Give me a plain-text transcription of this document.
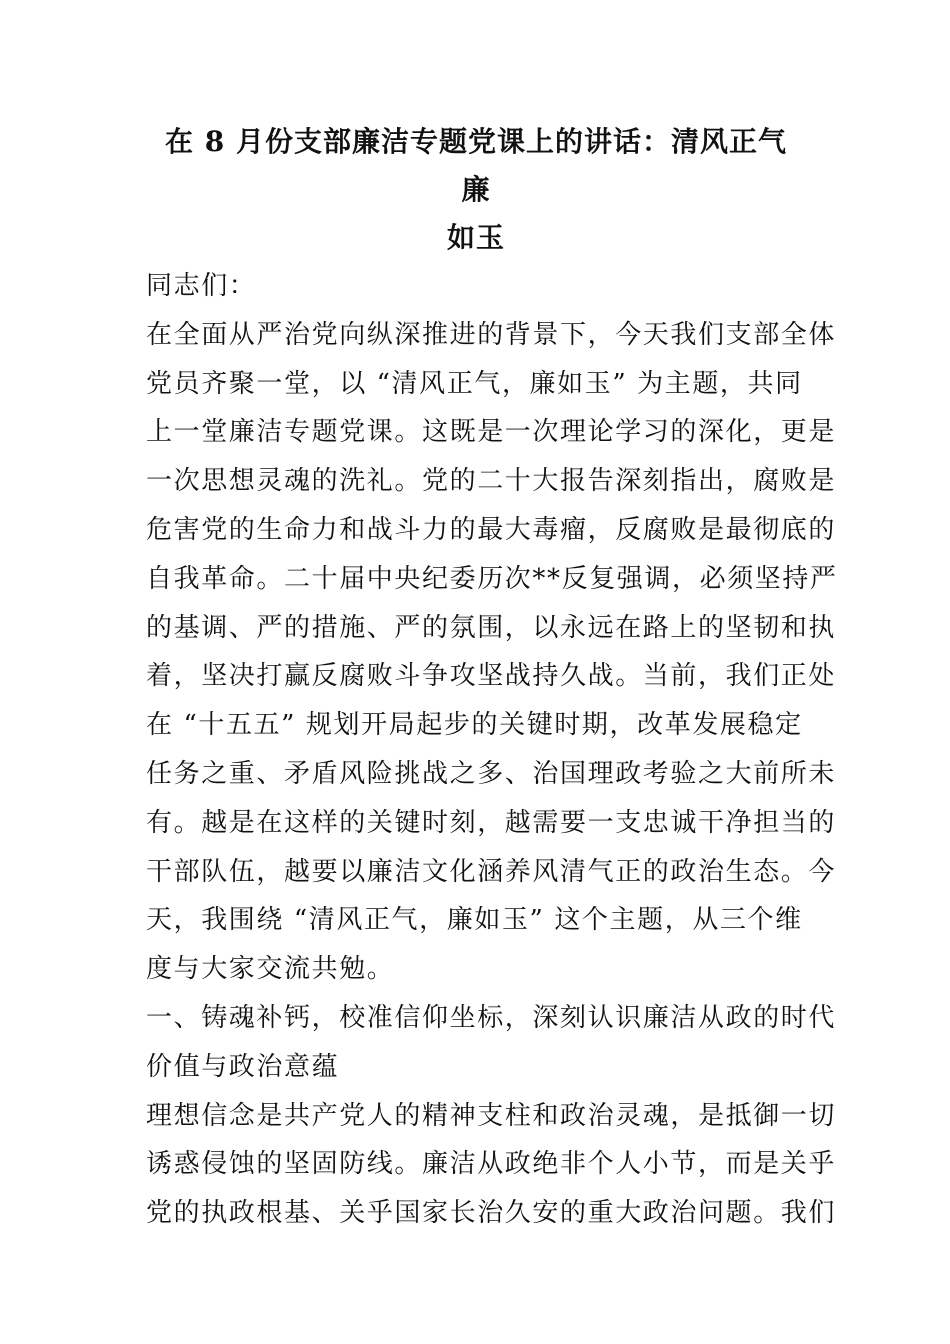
在 8 月份支部廉洁专题党课上的讲话：清风正气 廉
如玉

同志们：

在全面从严治党向纵深推进的背景下，今天我们支部全体
党员齐聚一堂，以 “清风正气，廉如玉” 为主题，共同
上一堂廉洁专题党课。这既是一次理论学习的深化，更是
一次思想灵魂的洗礼。党的二十大报告深刻指出，腐败是
危害党的生命力和战斗力的最大毒瘤，反腐败是最彻底的
自我革命。二十届中央纪委历次**反复强调，必须坚持严
的基调、严的措施、严的氛围，以永远在路上的坚韧和执
着，坚决打赢反腐败斗争攻坚战持久战。当前，我们正处
在 “十五五” 规划开局起步的关键时期，改革发展稳定
任务之重、矛盾风险挑战之多、治国理政考验之大前所未
有。越是在这样的关键时刻，越需要一支忠诚干净担当的
干部队伍，越要以廉洁文化涵养风清气正的政治生态。今
天，我围绕 “清风正气，廉如玉” 这个主题，从三个维
度与大家交流共勉。

一、铸魂补钙，校准信仰坐标，深刻认识廉洁从政的时代
价值与政治意蕴

理想信念是共产党人的精神支柱和政治灵魂，是抵御一切
诱惑侵蚀的坚固防线。廉洁从政绝非个人小节，而是关乎
党的执政根基、关乎国家长治久安的重大政治问题。我们
